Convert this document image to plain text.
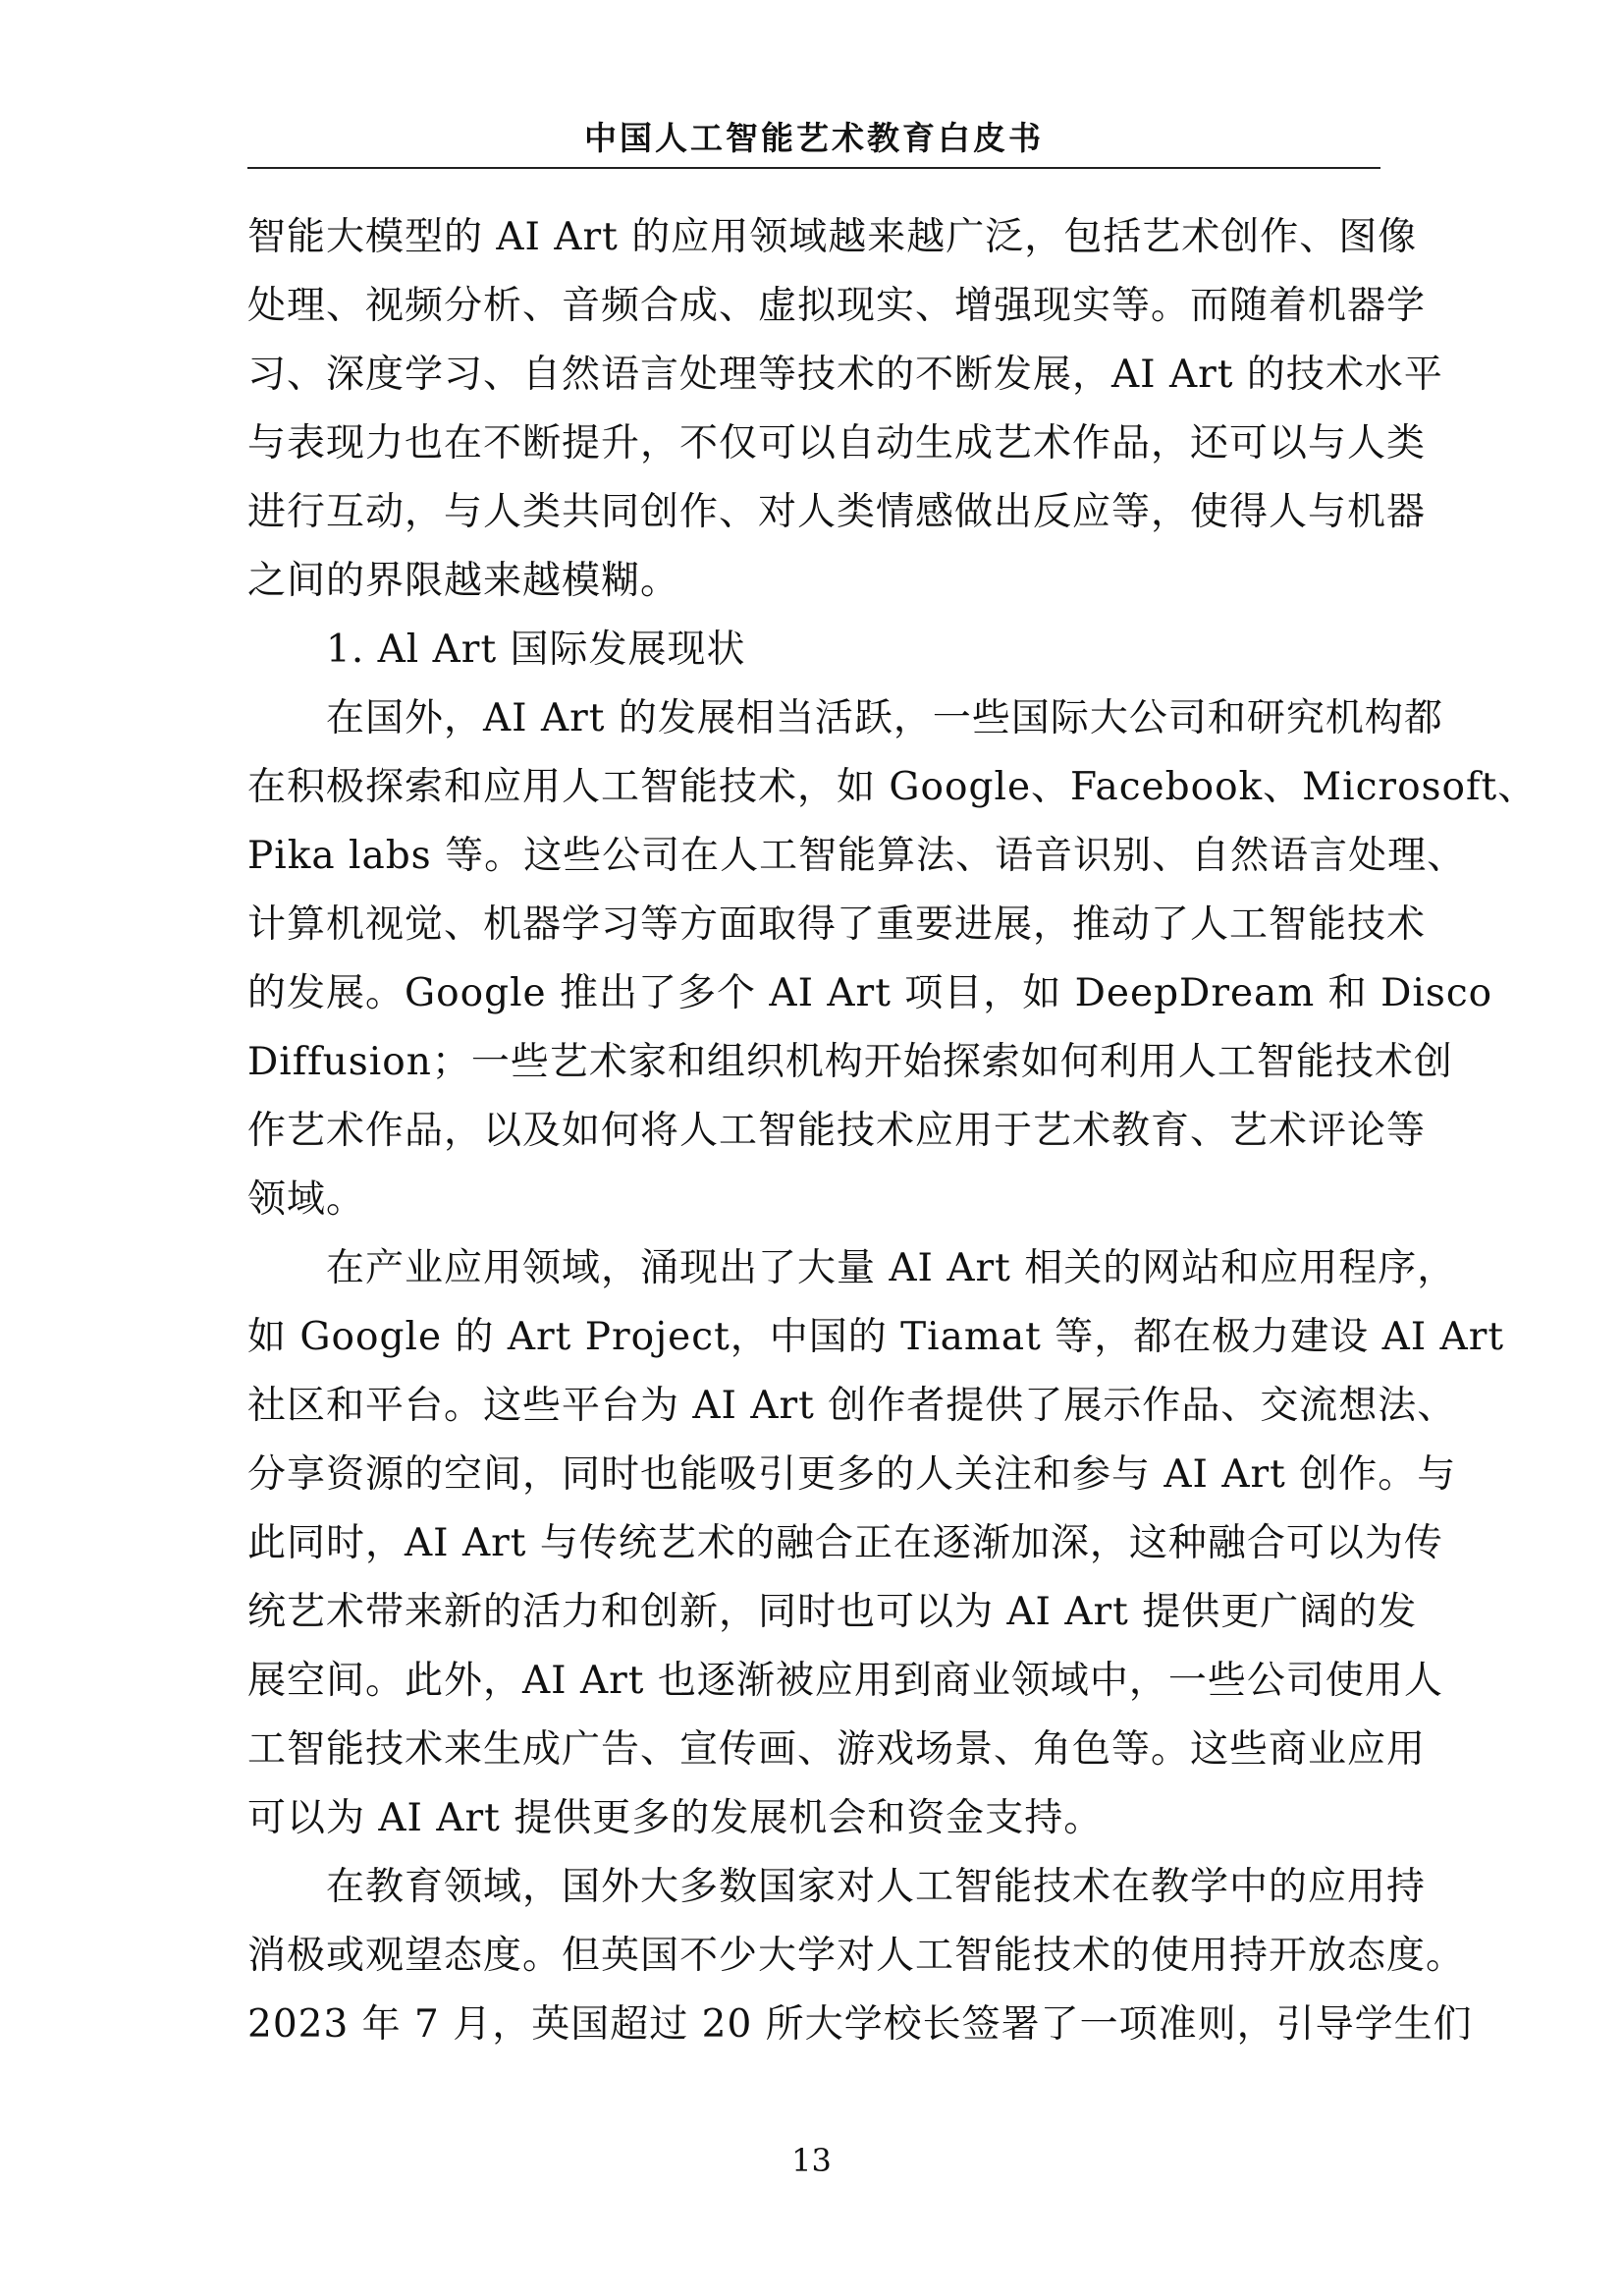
中国人工智能艺术教育白皮书
智能大模型的 AI Art 的应用领域越来越广泛，包括艺术创作、图像
处理、视频分析、音频合成、虚拟现实、增强现实等。而随着机器学
习、深度学习、自然语言处理等技术的不断发展，AI Art 的技术水平
与表现力也在不断提升，不仅可以自动生成艺术作品，还可以与人类
进行互动，与人类共同创作、对人类情感做出反应等，使得人与机器
之间的界限越来越模糊。
1. Al Art 国际发展现状
在国外，AI Art 的发展相当活跃，一些国际大公司和研究机构都
在积极探索和应用人工智能技术，如 Google、Facebook、Microsoft、
Pika labs 等。这些公司在人工智能算法、语音识别、自然语言处理、
计算机视觉、机器学习等方面取得了重要进展，推动了人工智能技术
的发展。Google 推出了多个 AI Art 项目，如 DeepDream 和 Disco
Diffusion；一些艺术家和组织机构开始探索如何利用人工智能技术创
作艺术作品，以及如何将人工智能技术应用于艺术教育、艺术评论等
领域。
在产业应用领域，涌现出了大量 AI Art 相关的网站和应用程序，
如 Google 的 Art Project，中国的 Tiamat 等，都在极力建设 AI Art
社区和平台。这些平台为 AI Art 创作者提供了展示作品、交流想法、
分享资源的空间，同时也能吸引更多的人关注和参与 AI Art 创作。与
此同时，AI Art 与传统艺术的融合正在逐渐加深，这种融合可以为传
统艺术带来新的活力和创新，同时也可以为 AI Art 提供更广阔的发
展空间。此外，AI Art 也逐渐被应用到商业领域中，一些公司使用人
工智能技术来生成广告、宣传画、游戏场景、角色等。这些商业应用
可以为 AI Art 提供更多的发展机会和资金支持。
在教育领域，国外大多数国家对人工智能技术在教学中的应用持
消极或观望态度。但英国不少大学对人工智能技术的使用持开放态度。
2023 年 7 月，英国超过 20 所大学校长签署了一项准则，引导学生们
13
